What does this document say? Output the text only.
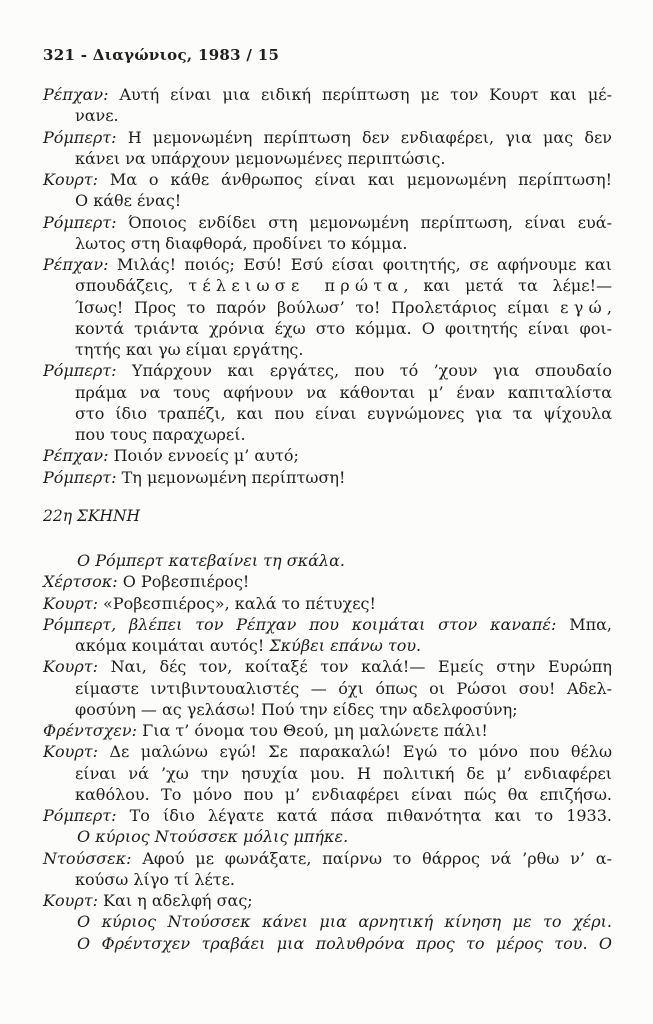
321 - Διαγώνιος, 1983 / 15
Ρέπχαν: Αυτή είναι μια ειδική περίπτωση με τον Κουρτ και μέ-
νανε.
Ρόμπερτ: Η μεμονωμένη περίπτωση δεν ενδιαφέρει, για μας δεν
κάνει να υπάρχουν μεμονωμένες περιπτώσις.
Κουρτ: Μα ο κάθε άνθρωπος είναι και μεμονωμένη περίπτωση!
Ο κάθε ένας!
Ρόμπερτ: Όποιος ενδίδει στη μεμονωμένη περίπτωση, είναι ευά-
λωτος στη διαφθορά, προδίνει το κόμμα.
Ρέπχαν: Μιλάς! ποιός; Εσύ! Εσύ είσαι φοιτητής, σε αφήνουμε και
σπουδάζεις, τέλειωσε πρώτα, και μετά τα λέμε!—
Ίσως! Προς το παρόν βούλωσ’ το! Προλετάριος είμαι εγώ,
κοντά τριάντα χρόνια έχω στο κόμμα. Ο φοιτητής είναι φοι-
τητής και γω είμαι εργάτης.
Ρόμπερτ: Υπάρχουν και εργάτες, που τό ’χουν για σπουδαίο
πράμα να τους αφήνουν να κάθονται μ’ έναν καπιταλίστα
στο ίδιο τραπέζι, και που είναι ευγνώμονες για τα ψίχουλα
που τους παραχωρεί.
Ρέπχαν: Ποιόν εννοείς μ’ αυτό;
Ρόμπερτ: Τη μεμονωμένη περίπτωση!
22η ΣΚΗΝΗ
Ο Ρόμπερτ κατεβαίνει τη σκάλα.
Χέρτσοκ: Ο Ροβεσπιέρος!
Κουρτ: «Ροβεσπιέρος», καλά το πέτυχες!
Ρόμπερτ, βλέπει τον Ρέπχαν που κοιμάται στον καναπέ: Μπα,
ακόμα κοιμάται αυτός! Σκύβει επάνω του.
Κουρτ: Ναι, δές τον, κοίταξέ τον καλά!— Εμείς στην Ευρώπη
είμαστε ιντιβιντουαλιστές — όχι όπως οι Ρώσοι σου! Αδελ-
φοσύνη — ας γελάσω! Πού την είδες την αδελφοσύνη;
Φρέντσχεν: Για τ’ όνομα του Θεού, μη μαλώνετε πάλι!
Κουρτ: Δε μαλώνω εγώ! Σε παρακαλώ! Εγώ το μόνο που θέλω
είναι νά ’χω την ησυχία μου. Η πολιτική δε μ’ ενδιαφέρει
καθόλου. Το μόνο που μ’ ενδιαφέρει είναι πώς θα επιζήσω.
Ρόμπερτ: Το ίδιο λέγατε κατά πάσα πιθανότητα και το 1933.
Ο κύριος Ντούσσεκ μόλις μπήκε.
Ντούσσεκ: Αφού με φωνάξατε, παίρνω το θάρρος νά ’ρθω ν’ α-
κούσω λίγο τί λέτε.
Κουρτ: Και η αδελφή σας;
Ο κύριος Ντούσσεκ κάνει μια αρνητική κίνηση με το χέρι.
Ο Φρέντσχεν τραβάει μια πολυθρόνα προς το μέρος του. Ο
